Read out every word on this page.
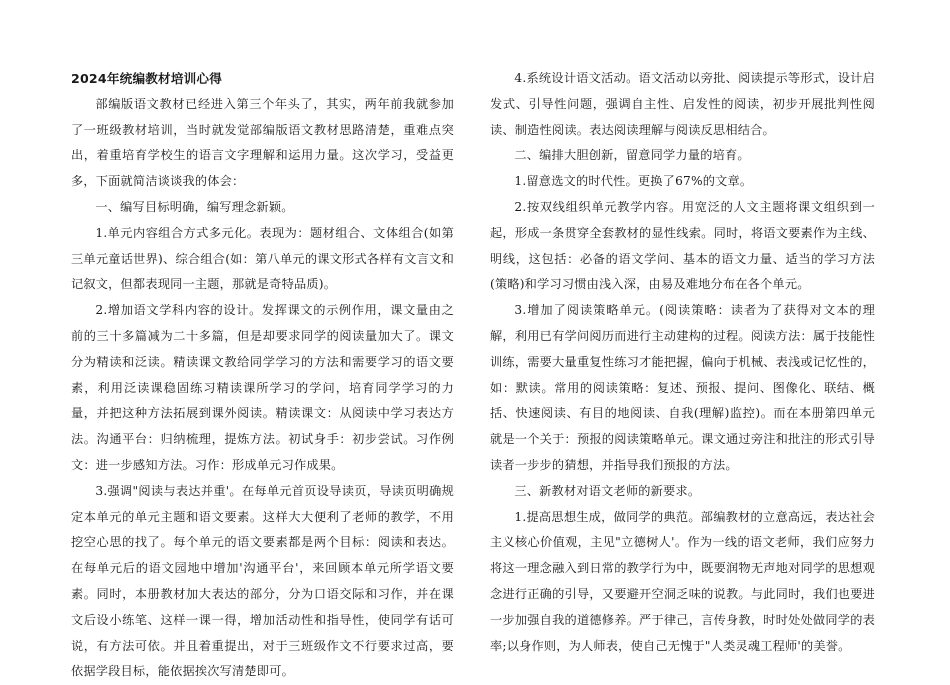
2024年统编教材培训心得

部编版语文教材已经进入第三个年头了，其实，两年前我就参加了一班级教材培训，当时就发觉部编版语文教材思路清楚，重难点突出，着重培育学校生的语言文字理解和运用力量。这次学习，受益更多，下面就简洁谈谈我的体会：

一、编写目标明确，编写理念新颖。

1.单元内容组合方式多元化。表现为：题材组合、文体组合(如第三单元童话世界)、综合组合(如：第八单元的课文形式各样有文言文和记叙文，但都表现同一主题，那就是奇特品质)。

2.增加语文学科内容的设计。发挥课文的示例作用，课文量由之前的三十多篇减为二十多篇，但是却要求同学的阅读量加大了。课文分为精读和泛读。精读课文教给同学学习的方法和需要学习的语文要素，利用泛读课稳固练习精读课所学习的学问，培育同学学习的力量，并把这种方法拓展到课外阅读。精读课文：从阅读中学习表达方法。沟通平台：归纳梳理，提炼方法。初试身手：初步尝试。习作例文：进一步感知方法。习作：形成单元习作成果。

3.强调"阅读与表达并重'。在每单元首页设导读页，导读页明确规定本单元的单元主题和语文要素。这样大大便利了老师的教学，不用挖空心思的找了。每个单元的语文要素都是两个目标：阅读和表达。在每单元后的语文园地中增加'沟通平台'，来回顾本单元所学语文要素。同时，本册教材加大表达的部分，分为口语交际和习作，并在课文后设小练笔、这样一课一得，增加活动性和指导性，使同学有话可说，有方法可依。并且着重提出，对于三班级作文不行要求过高，要依据学段目标，能依据挨次写清楚即可。

4.系统设计语文活动。语文活动以旁批、阅读提示等形式，设计启发式、引导性问题，强调自主性、启发性的阅读，初步开展批判性阅读、制造性阅读。表达阅读理解与阅读反思相结合。

二、编排大胆创新，留意同学力量的培育。

1.留意选文的时代性。更换了67%的文章。

2.按双线组织单元教学内容。用宽泛的人文主题将课文组织到一起，形成一条贯穿全套教材的显性线索。同时，将语文要素作为主线、明线，这包括：必备的语文学问、基本的语文力量、适当的学习方法(策略)和学习习惯由浅入深，由易及难地分布在各个单元。

3.增加了阅读策略单元。(阅读策略：读者为了获得对文本的理解，利用已有学问阅历而进行主动建构的过程。阅读方法：属于技能性训练，需要大量重复性练习才能把握，偏向于机械、表浅或记忆性的，如：默读。常用的阅读策略：复述、预报、提问、图像化、联结、概括、快速阅读、有目的地阅读、自我(理解)监控)。而在本册第四单元就是一个关于：预报的阅读策略单元。课文通过旁注和批注的形式引导读者一步步的猜想，并指导我们预报的方法。

三、新教材对语文老师的新要求。

1.提高思想生成，做同学的典范。部编教材的立意高远，表达社会主义核心价值观，主见"立德树人'。作为一线的语文老师，我们应努力将这一理念融入到日常的教学行为中，既要润物无声地对同学的思想观念进行正确的引导，又要避开空洞乏味的说教。与此同时，我们也要进一步加强自我的道德修养。严于律己，言传身教，时时处处做同学的表率;以身作则，为人师表，使自己无愧于"人类灵魂工程师'的美誉。
